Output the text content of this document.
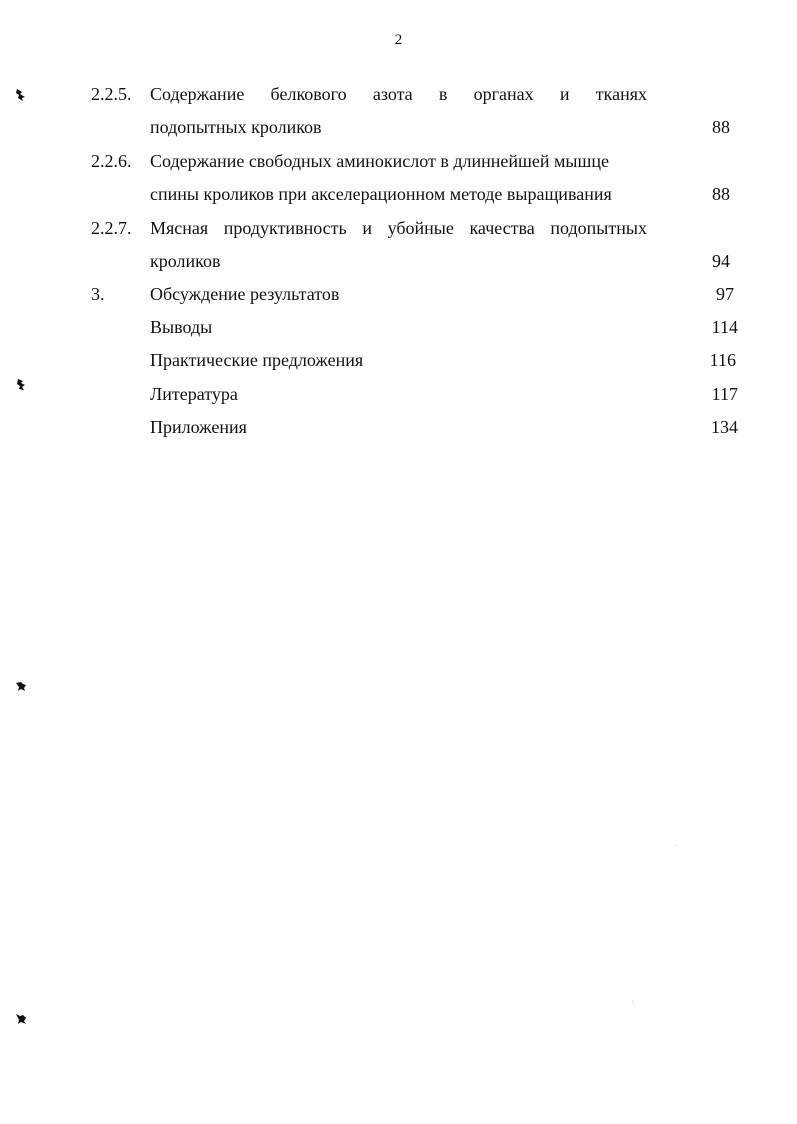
2
2.2.5. Содержание белкового азота в органах и тканях
подопытных кроликов	88
2.2.6. Содержание свободных аминокислот в длиннейшей мышце
спины кроликов при акселерационном методе выращивания	88
2.2.7. Мясная продуктивность и убойные качества подопытных
кроликов	94
3.	Обсуждение результатов	97
Выводы	114
Практические предложения	116
Литература	117
Приложения	134
